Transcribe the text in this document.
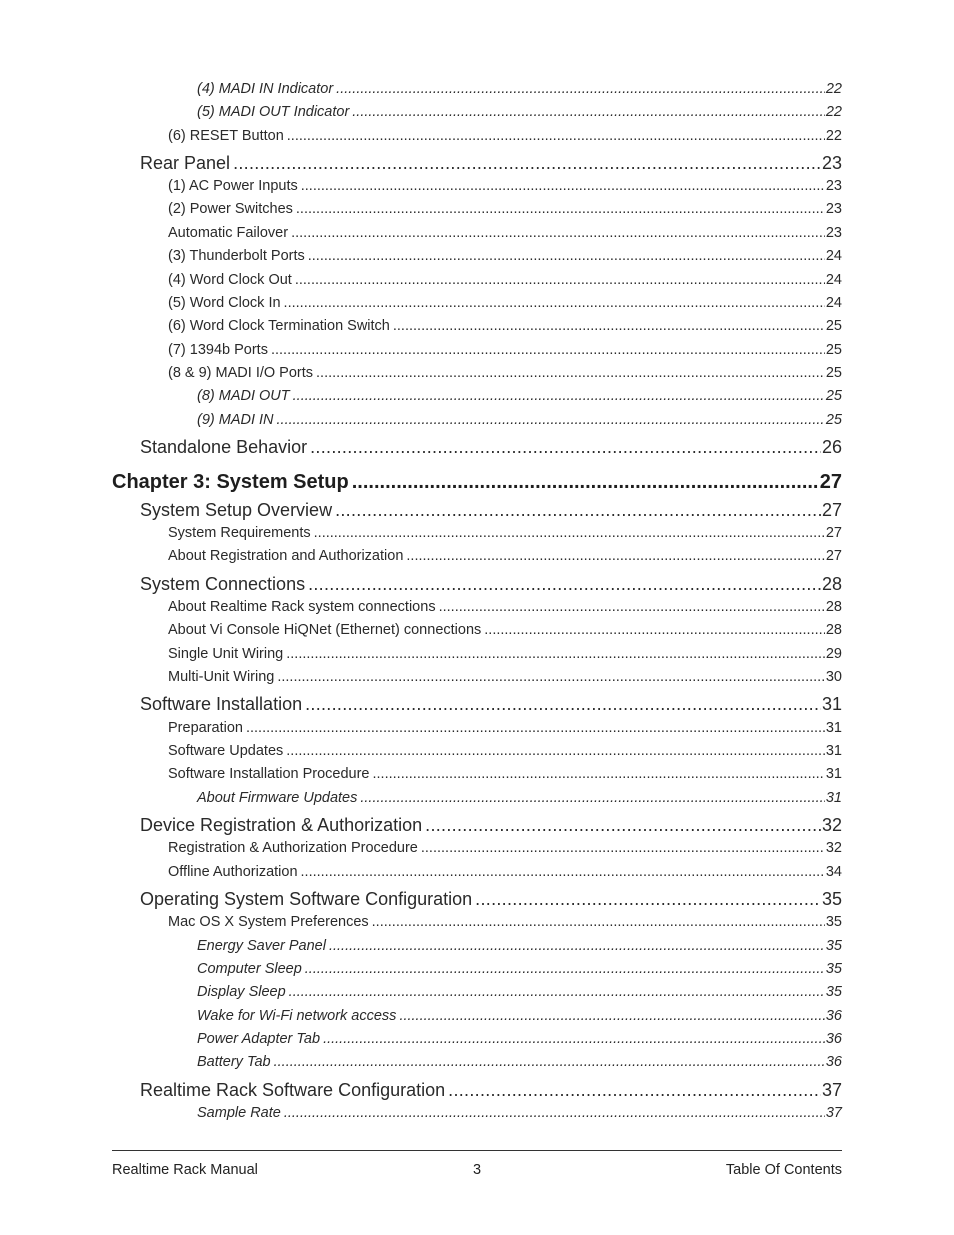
(4) MADI IN Indicator .....	22
(5) MADI OUT Indicator .....	22
(6) RESET Button .....	22
Rear Panel .....	23
(1) AC Power Inputs .....	23
(2) Power Switches .....	23
Automatic Failover .....	23
(3) Thunderbolt Ports .....	24
(4) Word Clock Out .....	24
(5) Word Clock In .....	24
(6) Word Clock Termination Switch .....	25
(7) 1394b Ports .....	25
(8 & 9) MADI I/O Ports .....	25
(8) MADI OUT .....	25
(9) MADI IN .....	25
Standalone Behavior .....	26
Chapter 3: System Setup .....	27
System Setup Overview .....	27
System Requirements .....	27
About Registration and Authorization .....	27
System Connections .....	28
About Realtime Rack system connections .....	28
About Vi Console HiQNet (Ethernet) connections .....	28
Single Unit Wiring .....	29
Multi-Unit Wiring .....	30
Software Installation .....	31
Preparation .....	31
Software Updates .....	31
Software Installation Procedure .....	31
About Firmware Updates .....	31
Device Registration & Authorization .....	32
Registration & Authorization Procedure .....	32
Offline Authorization .....	34
Operating System Software Configuration .....	35
Mac OS X System Preferences .....	35
Energy Saver Panel .....	35
Computer Sleep .....	35
Display Sleep .....	35
Wake for Wi-Fi network access .....	36
Power Adapter Tab .....	36
Battery Tab .....	36
Realtime Rack Software Configuration .....	37
Sample Rate .....	37
Realtime Rack Manual	3	Table Of Contents
